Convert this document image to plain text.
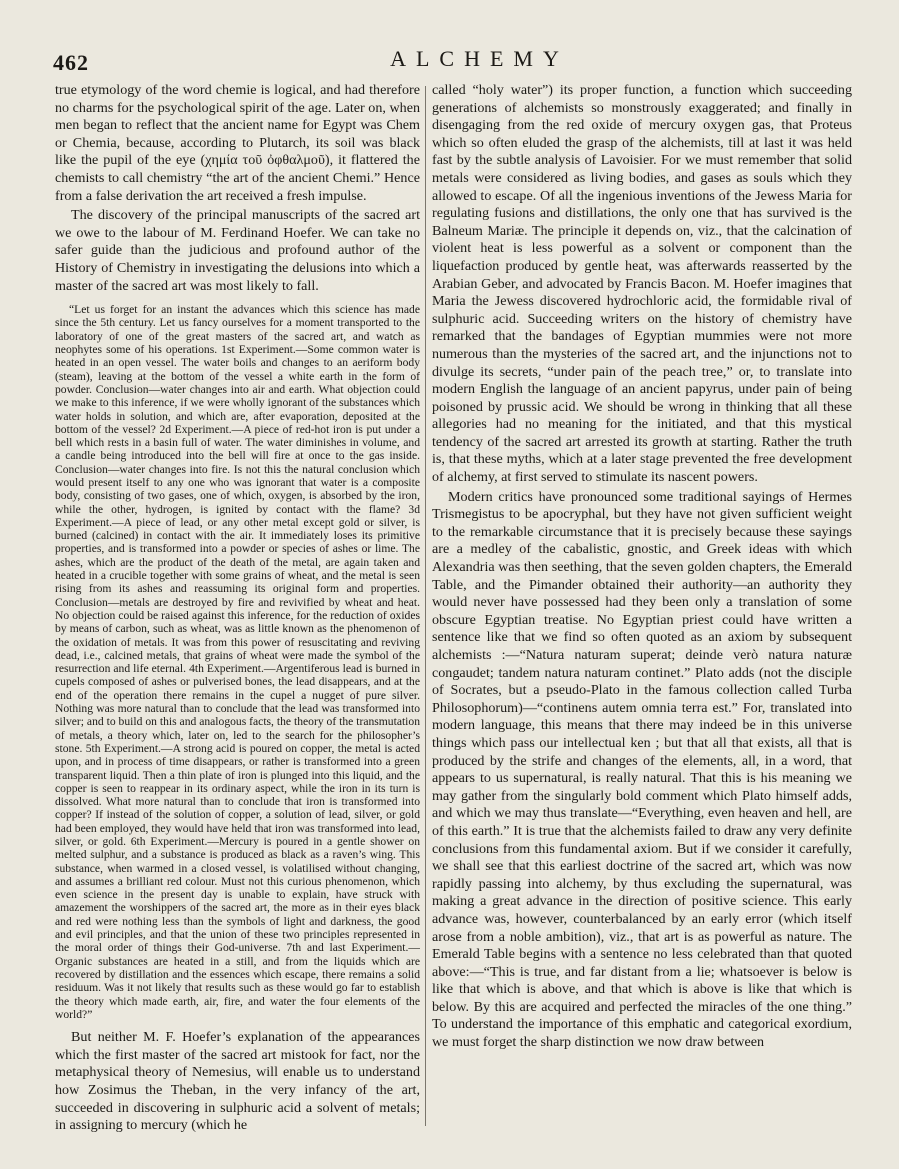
462	ALCHEMY

true etymology of the word chemie is logical, and had therefore no charms for the psychological spirit of the age. Later on, when men began to reflect that the ancient name for Egypt was Chem or Chemia, because, according to Plutarch, its soil was black like the pupil of the eye (χημία τοῦ ὀφθαλμοῦ), it flattered the chemists to call chemistry “the art of the ancient Chemi.” Hence from a false derivation the art received a fresh impulse.

The discovery of the principal manuscripts of the sacred art we owe to the labour of M. Ferdinand Hoefer. We can take no safer guide than the judicious and profound author of the History of Chemistry in investigating the delusions into which a master of the sacred art was most likely to fall.

“Let us forget for an instant the advances which this science has made since the 5th century. Let us fancy ourselves for a moment transported to the laboratory of one of the great masters of the sacred art, and watch as neophytes some of his operations. 1st Experiment.—Some common water is heated in an open vessel. The water boils and changes to an aeriform body (steam), leaving at the bottom of the vessel a white earth in the form of powder. Conclusion—water changes into air and earth. What objection could we make to this inference, if we were wholly ignorant of the substances which water holds in solution, and which are, after evaporation, deposited at the bottom of the vessel? 2d Experiment.—A piece of red-hot iron is put under a bell which rests in a basin full of water. The water diminishes in volume, and a candle being introduced into the bell will fire at once to the gas inside. Conclusion—water changes into fire. Is not this the natural conclusion which would present itself to any one who was ignorant that water is a composite body, consisting of two gases, one of which, oxygen, is absorbed by the iron, while the other, hydrogen, is ignited by contact with the flame? 3d Experiment.—A piece of lead, or any other metal except gold or silver, is burned (calcined) in contact with the air. It immediately loses its primitive properties, and is transformed into a powder or species of ashes or lime. The ashes, which are the product of the death of the metal, are again taken and heated in a crucible together with some grains of wheat, and the metal is seen rising from its ashes and reassuming its original form and properties. Conclusion—metals are destroyed by fire and revivified by wheat and heat. No objection could be raised against this inference, for the reduction of oxides by means of carbon, such as wheat, was as little known as the phenomenon of the oxidation of metals. It was from this power of resuscitating and reviving dead, i.e., calcined metals, that grains of wheat were made the symbol of the resurrection and life eternal. 4th Experiment.—Argentiferous lead is burned in cupels composed of ashes or pulverised bones, the lead disappears, and at the end of the operation there remains in the cupel a nugget of pure silver. Nothing was more natural than to conclude that the lead was transformed into silver; and to build on this and analogous facts, the theory of the transmutation of metals, a theory which, later on, led to the search for the philosopher’s stone. 5th Experiment.—A strong acid is poured on copper, the metal is acted upon, and in process of time disappears, or rather is transformed into a green transparent liquid. Then a thin plate of iron is plunged into this liquid, and the copper is seen to reappear in its ordinary aspect, while the iron in its turn is dissolved. What more natural than to conclude that iron is transformed into copper? If instead of the solution of copper, a solution of lead, silver, or gold had been employed, they would have held that iron was transformed into lead, silver, or gold. 6th Experiment.—Mercury is poured in a gentle shower on melted sulphur, and a substance is produced as black as a raven’s wing. This substance, when warmed in a closed vessel, is volatilised without changing, and assumes a brilliant red colour. Must not this curious phenomenon, which even science in the present day is unable to explain, have struck with amazement the worshippers of the sacred art, the more as in their eyes black and red were nothing less than the symbols of light and darkness, the good and evil principles, and that the union of these two principles represented in the moral order of things their God-universe. 7th and last Experiment.—Organic substances are heated in a still, and from the liquids which are recovered by distillation and the essences which escape, there remains a solid residuum. Was it not likely that results such as these would go far to establish the theory which made earth, air, fire, and water the four elements of the world?”

But neither M. F. Hoefer’s explanation of the appearances which the first master of the sacred art mistook for fact, nor the metaphysical theory of Nemesius, will enable us to understand how Zosimus the Theban, in the very infancy of the art, succeeded in discovering in sulphuric acid a solvent of metals; in assigning to mercury (which he

called “holy water”) its proper function, a function which succeeding generations of alchemists so monstrously exaggerated; and finally in disengaging from the red oxide of mercury oxygen gas, that Proteus which so often eluded the grasp of the alchemists, till at last it was held fast by the subtle analysis of Lavoisier. For we must remember that solid metals were considered as living bodies, and gases as souls which they allowed to escape. Of all the ingenious inventions of the Jewess Maria for regulating fusions and distillations, the only one that has survived is the Balneum Mariæ. The principle it depends on, viz., that the calcination of violent heat is less powerful as a solvent or component than the liquefaction produced by gentle heat, was afterwards reasserted by the Arabian Geber, and advocated by Francis Bacon. M. Hoefer imagines that Maria the Jewess discovered hydrochloric acid, the formidable rival of sulphuric acid. Succeeding writers on the history of chemistry have remarked that the bandages of Egyptian mummies were not more numerous than the mysteries of the sacred art, and the injunctions not to divulge its secrets, “under pain of the peach tree,” or, to translate into modern English the language of an ancient papyrus, under pain of being poisoned by prussic acid. We should be wrong in thinking that all these allegories had no meaning for the initiated, and that this mystical tendency of the sacred art arrested its growth at starting. Rather the truth is, that these myths, which at a later stage prevented the free development of alchemy, at first served to stimulate its nascent powers.

Modern critics have pronounced some traditional sayings of Hermes Trismegistus to be apocryphal, but they have not given sufficient weight to the remarkable circumstance that it is precisely because these sayings are a medley of the cabalistic, gnostic, and Greek ideas with which Alexandria was then seething, that the seven golden chapters, the Emerald Table, and the Pimander obtained their authority—an authority they would never have possessed had they been only a translation of some obscure Egyptian treatise. No Egyptian priest could have written a sentence like that we find so often quoted as an axiom by subsequent alchemists :—“Natura naturam superat; deinde verò natura naturæ congaudet; tandem natura naturam continet.” Plato adds (not the disciple of Socrates, but a pseudo-Plato in the famous collection called Turba Philosophorum)—“continens autem omnia terra est.” For, translated into modern language, this means that there may indeed be in this universe things which pass our intellectual ken ; but that all that exists, all that is produced by the strife and changes of the elements, all, in a word, that appears to us supernatural, is really natural. That this is his meaning we may gather from the singularly bold comment which Plato himself adds, and which we may thus translate—“Everything, even heaven and hell, are of this earth.” It is true that the alchemists failed to draw any very definite conclusions from this fundamental axiom. But if we consider it carefully, we shall see that this earliest doctrine of the sacred art, which was now rapidly passing into alchemy, by thus excluding the supernatural, was making a great advance in the direction of positive science. This early advance was, however, counterbalanced by an early error (which itself arose from a noble ambition), viz., that art is as powerful as nature. The Emerald Table begins with a sentence no less celebrated than that quoted above:—“This is true, and far distant from a lie; whatsoever is below is like that which is above, and that which is above is like that which is below. By this are acquired and perfected the miracles of the one thing.” To understand the importance of this emphatic and categorical exordium, we must forget the sharp distinction we now draw between
